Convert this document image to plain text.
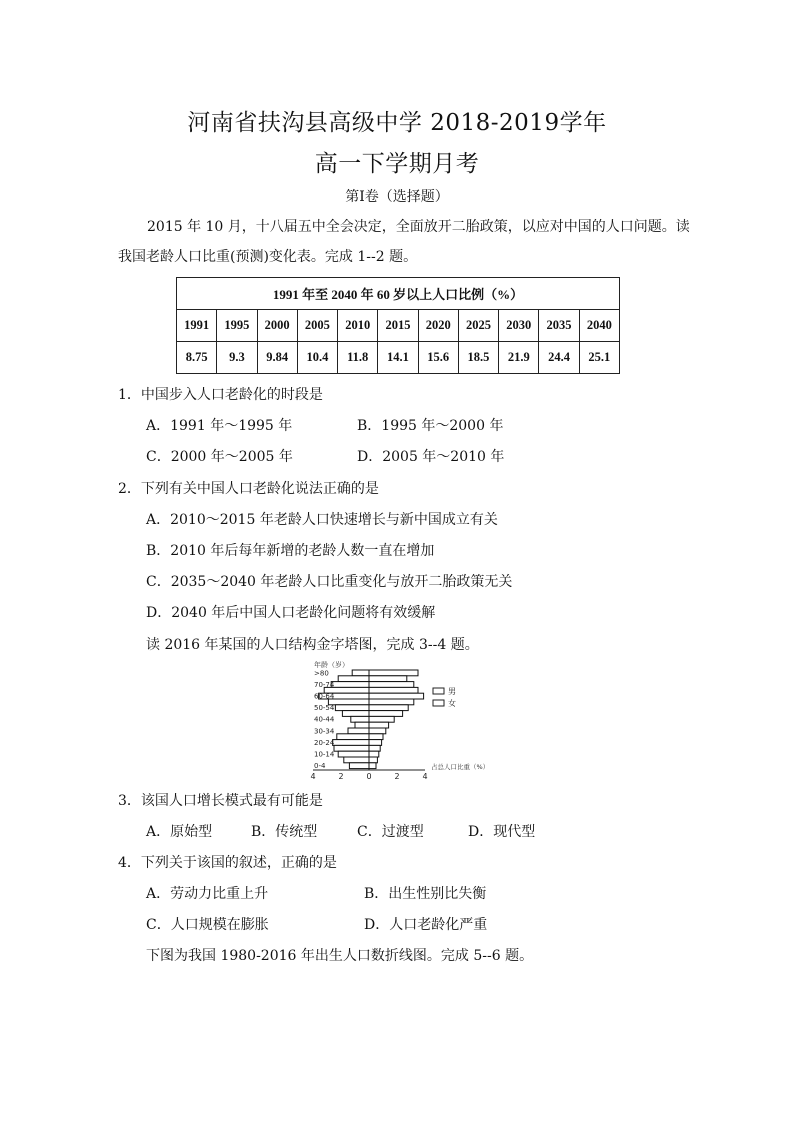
河南省扶沟县高级中学 2018-2019学年
高一下学期月考
第Ⅰ卷（选择题）
2015 年 10 月，十八届五中全会决定，全面放开二胎政策，以应对中国的人口问题。读
我国老龄人口比重(预测)变化表。完成 1--2 题。
1991 年至 2040 年 60 岁以上人口比例（%）										
1991	1995	2000	2005	2010	2015	2020	2025	2030	2035	2040
8.75	9.3	9.84	10.4	11.8	14.1	15.6	18.5	21.9	24.4	25.1
1．中国步入人口老龄化的时段是
A．1991 年～1995 年	B．1995 年～2000 年
C．2000 年～2005 年	D．2005 年～2010 年
2．下列有关中国人口老龄化说法正确的是
A．2010～2015 年老龄人口快速增长与新中国成立有关
B．2010 年后每年新增的老龄人数一直在增加
C．2035～2040 年老龄人口比重变化与放开二胎政策无关
D．2040 年后中国人口老龄化问题将有效缓解
读 2016 年某国的人口结构金字塔图，完成 3--4 题。
年龄（岁）
4	2	0	2	4
>80
70-74
60-64
50-54
40-44
30-34
20-24
10-14
0-4
男
女
占总人口比重（%）
3．该国人口增长模式最有可能是
A．原始型	B．传统型	C．过渡型	D．现代型
4．下列关于该国的叙述，正确的是
A．劳动力比重上升	B．出生性别比失衡
C．人口规模在膨胀	D．人口老龄化严重
下图为我国 1980-2016 年出生人口数折线图。完成 5--6 题。
